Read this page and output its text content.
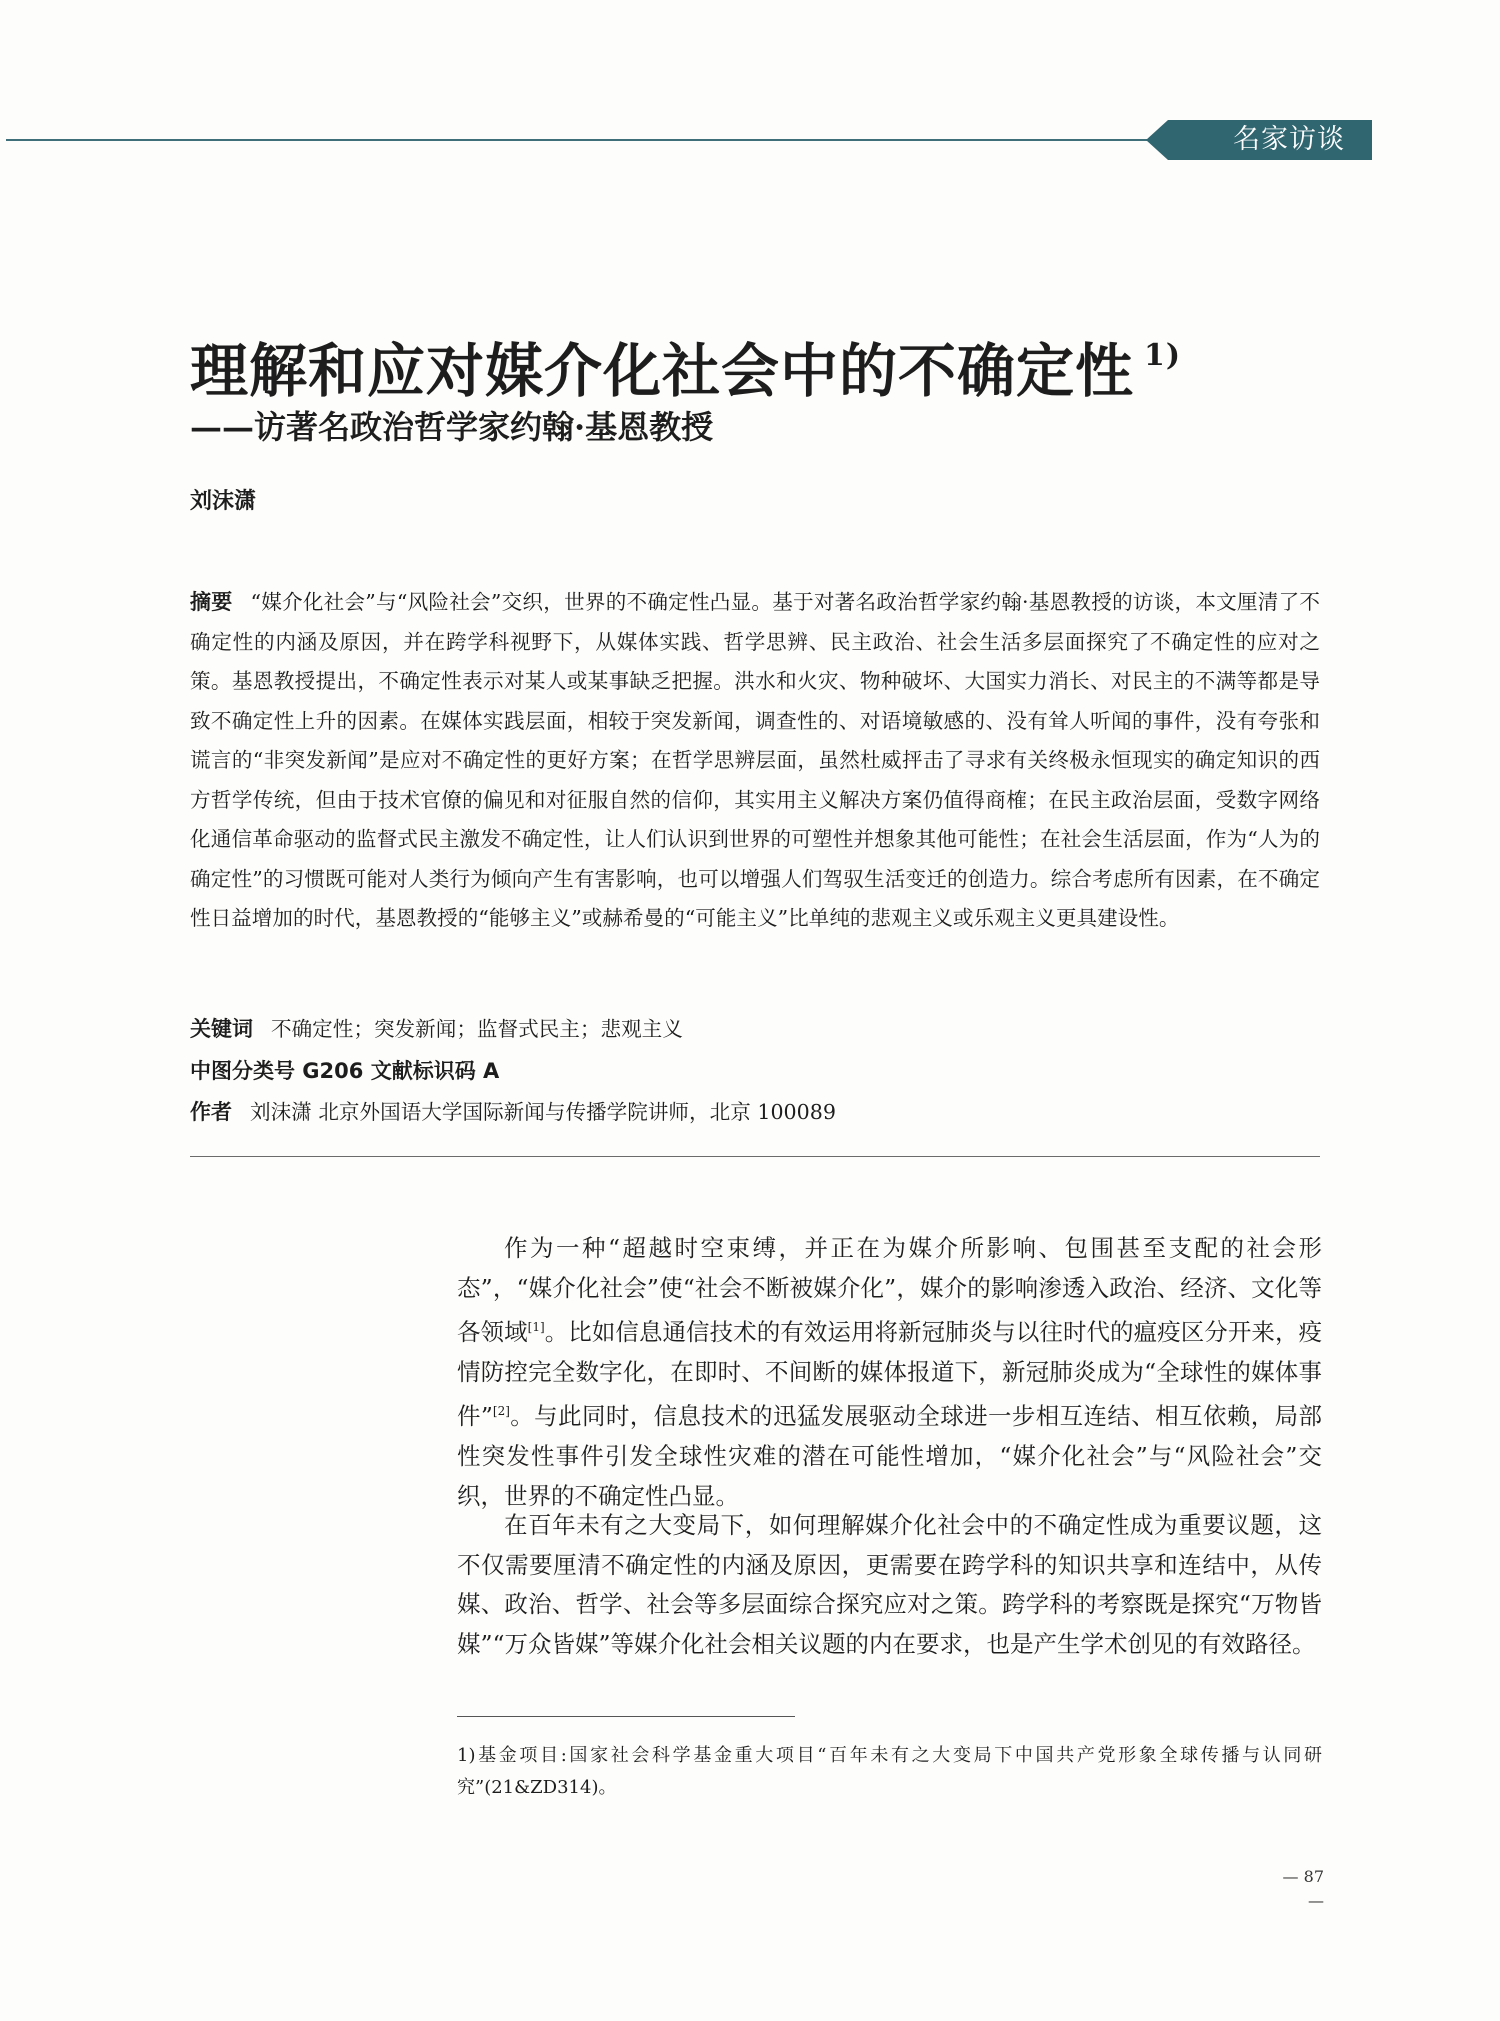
名家访谈
理解和应对媒介化社会中的不确定性 $^{1)}$
——访著名政治哲学家约翰·基恩教授
刘沫潇

摘要 “媒介化社会”与“风险社会”交织，世界的不确定性凸显。基于对著名政治哲学家约翰·基恩教授的访谈，本文厘清了不确定性的内涵及原因，并在跨学科视野下，从媒体实践、哲学思辨、民主政治、社会生活多层面探究了不确定性的应对之策。基恩教授提出，不确定性表示对某人或某事缺乏把握。洪水和火灾、物种破坏、大国实力消长、对民主的不满等都是导致不确定性上升的因素。在媒体实践层面，相较于突发新闻，调查性的、对语境敏感的、没有耸人听闻的事件，没有夸张和谎言的“非突发新闻”是应对不确定性的更好方案；在哲学思辨层面，虽然杜威抨击了寻求有关终极永恒现实的确定知识的西方哲学传统，但由于技术官僚的偏见和对征服自然的信仰，其实用主义解决方案仍值得商榷；在民主政治层面，受数字网络化通信革命驱动的监督式民主激发不确定性，让人们认识到世界的可塑性并想象其他可能性；在社会生活层面，作为“人为的确定性”的习惯既可能对人类行为倾向产生有害影响，也可以增强人们驾驭生活变迁的创造力。综合考虑所有因素，在不确定性日益增加的时代，基恩教授的“能够主义”或赫希曼的“可能主义”比单纯的悲观主义或乐观主义更具建设性。

关键词 不确定性；突发新闻；监督式民主；悲观主义

中图分类号 G206 文献标识码 A

作者 刘沫潇 北京外国语大学国际新闻与传播学院讲师，北京 100089

作为一种“超越时空束缚，并正在为媒介所影响、包围甚至支配的社会形态”，“媒介化社会”使“社会不断被媒介化”，媒介的影响渗透入政治、经济、文化等各领域[1]。比如信息通信技术的有效运用将新冠肺炎与以往时代的瘟疫区分开来，疫情防控完全数字化，在即时、不间断的媒体报道下，新冠肺炎成为“全球性的媒体事件”[2]。与此同时，信息技术的迅猛发展驱动全球进一步相互连结、相互依赖，局部性突发性事件引发全球性灾难的潜在可能性增加，“媒介化社会”与“风险社会”交织，世界的不确定性凸显。

在百年未有之大变局下，如何理解媒介化社会中的不确定性成为重要议题，这不仅需要厘清不确定性的内涵及原因，更需要在跨学科的知识共享和连结中，从传媒、政治、哲学、社会等多层面综合探究应对之策。跨学科的考察既是探究“万物皆媒”“万众皆媒”等媒介化社会相关议题的内在要求，也是产生学术创见的有效路径。

1)基金项目:国家社会科学基金重大项目“百年未有之大变局下中国共产党形象全球传播与认同研究”(21&ZD314)。

— 87 —
